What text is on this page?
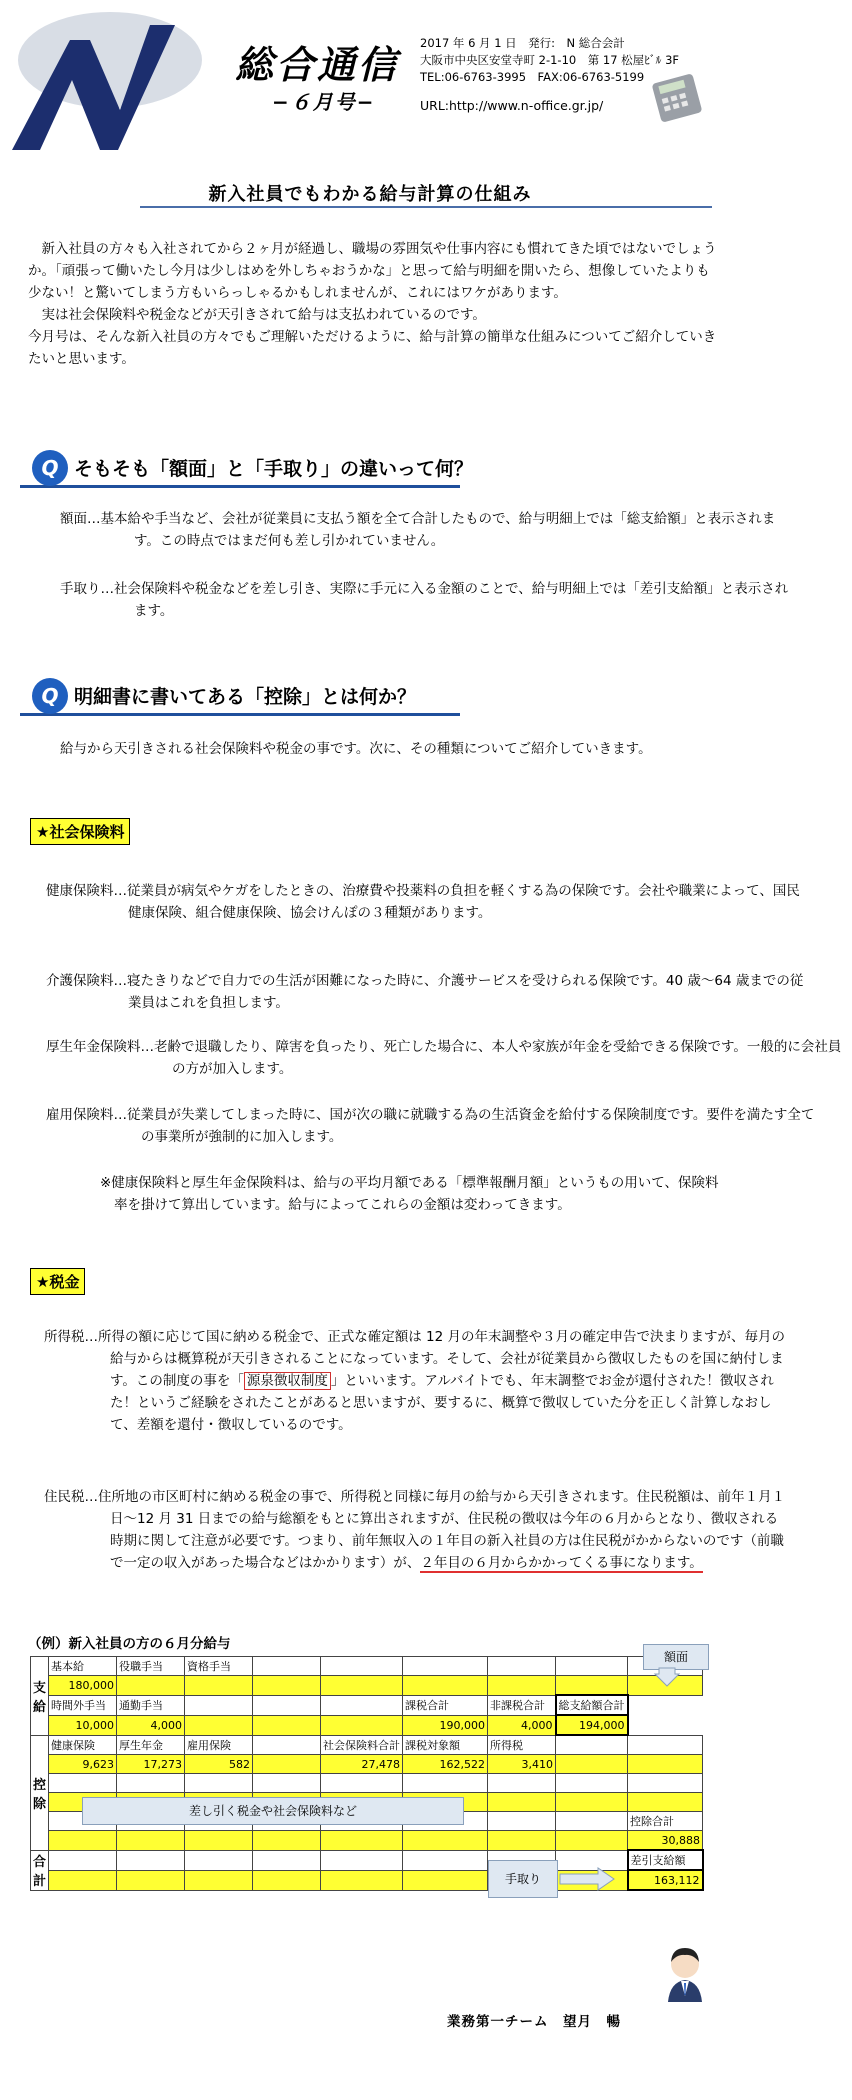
総合通信
−６月号−
2017 年 6 月 1 日　発行:　N 総合会計
大阪市中央区安堂寺町 2-1-10　第 17 松屋ﾋﾞﾙ 3F
TEL:06-6763-3995　FAX:06-6763-5199
URL:http://www.n-office.gr.jp/
新入社員でもわかる給与計算の仕組み

　新入社員の方々も入社されてから２ヶ月が経過し、職場の雰囲気や仕事内容にも慣れてきた頃ではないでしょうか。「頑張って働いたし今月は少しはめを外しちゃおうかな」と思って給与明細を開いたら、想像していたよりも少ない！と驚いてしまう方もいらっしゃるかもしれませんが、これにはワケがあります。

　実は社会保険料や税金などが天引きされて給与は支払われているのです。

今月号は、そんな新入社員の方々でもご理解いただけるように、給与計算の簡単な仕組みについてご紹介していきたいと思います。

Q そもそも「額面」と「手取り」の違いって何？
額面…基本給や手当など、会社が従業員に支払う額を全て合計したもので、給与明細上では「総支給額」と表示されます。この時点ではまだ何も差し引かれていません。
手取り…社会保険料や税金などを差し引き、実際に手元に入る金額のことで、給与明細上では「差引支給額」と表示されます。
Q 明細書に書いてある「控除」とは何か？
給与から天引きされる社会保険料や税金の事です。次に、その種類についてご紹介していきます。
★社会保険料
健康保険料…従業員が病気やケガをしたときの、治療費や投薬料の負担を軽くする為の保険です。会社や職業によって、国民健康保険、組合健康保険、協会けんぽの３種類があります。
介護保険料…寝たきりなどで自力での生活が困難になった時に、介護サービスを受けられる保険です。40 歳〜64 歳までの従業員はこれを負担します。
厚生年金保険料…老齢で退職したり、障害を負ったり、死亡した場合に、本人や家族が年金を受給できる保険です。一般的に会社員の方が加入します。
雇用保険料…従業員が失業してしまった時に、国が次の職に就職する為の生活資金を給付する保険制度です。要件を満たす全ての事業所が強制的に加入します。
※健康保険料と厚生年金保険料は、給与の平均月額である「標準報酬月額」というもの用いて、保険料率を掛けて算出しています。給与によってこれらの金額は変わってきます。
★税金
所得税…所得の額に応じて国に納める税金で、正式な確定額は 12 月の年末調整や３月の確定申告で決まりますが、毎月の給与からは概算税が天引きされることになっています。そして、会社が従業員から徴収したものを国に納付します。この制度の事を「 源泉徴収制度 」といいます。アルバイトでも、年末調整でお金が還付された！徴収された！というご経験をされたことがあると思いますが、要するに、概算で徴収していた分を正しく計算しなおして、差額を還付・徴収しているのです。
住民税…住所地の市区町村に納める税金の事で、所得税と同様に毎月の給与から天引きされます。住民税額は、前年１月１日〜12 月 31 日までの給与総額をもとに算出されますが、住民税の徴収は今年の６月からとなり、徴収される時期に関して注意が必要です。つまり、前年無収入の１年目の新入社員の方は住民税がかからないのです（前職で一定の収入があった場合などはかかります）が、２年目の６月からかかってくる事になります。
（例）新入社員の方の６月分給与
支
給	基本給	役職手当	資格手当						
	180,000								
	時間外手当	通勤手当				課税合計	非課税合計	総支給額合計	
	10,000	4,000				190,000	4,000	194,000	
控
除	健康保険	厚生年金	雇用保険		社会保険料合計	課税対象額	所得税		
	9,623	17,273	582		27,478	162,522	3,410		

									控除合計
									30,888
合
計									差引支給額
									163,112
額面
差し引く税金や社会保険料など
手取り
業務第一チーム　望月　暢
